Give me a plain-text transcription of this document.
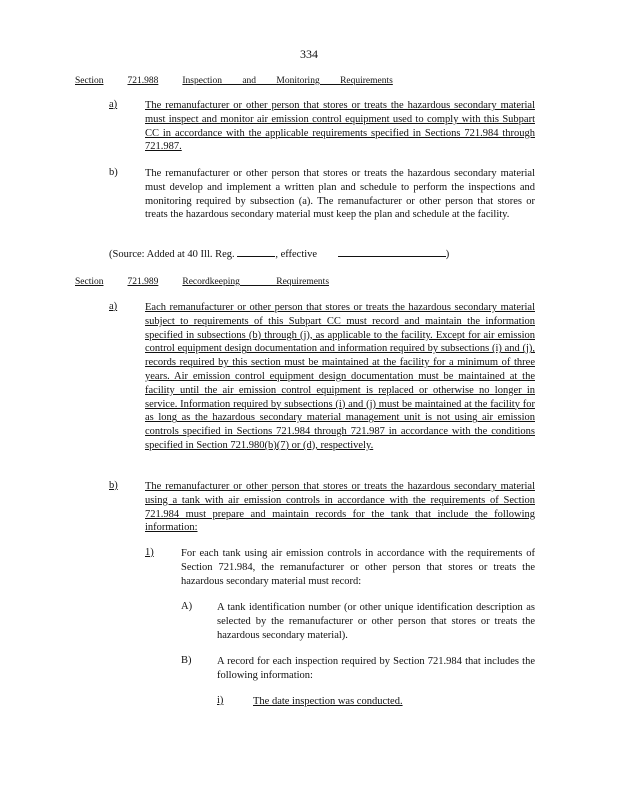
334
Section	721.988	Inspection and Monitoring Requirements
a)	The remanufacturer or other person that stores or treats the hazardous secondary material must inspect and monitor air emission control equipment used to comply with this Subpart CC in accordance with the applicable requirements specified in Sections 721.984 through 721.987.
b)	The remanufacturer or other person that stores or treats the hazardous secondary material must develop and implement a written plan and schedule to perform the inspections and monitoring required by subsection (a). The remanufacturer or other person that stores or treats the hazardous secondary material must keep the plan and schedule at the facility.
(Source: Added at 40 Ill. Reg.	, effective	)
Section	721.989	Recordkeeping Requirements
a)	Each remanufacturer or other person that stores or treats the hazardous secondary material subject to requirements of this Subpart CC must record and maintain the information specified in subsections (b) through (j), as applicable to the facility. Except for air emission control equipment design documentation and information required by subsections (i) and (j), records required by this section must be maintained at the facility for a minimum of three years. Air emission control equipment design documentation must be maintained at the facility until the air emission control equipment is replaced or otherwise no longer in service. Information required by subsections (i) and (j) must be maintained at the facility for as long as the hazardous secondary material management unit is not using air emission controls specified in Sections 721.984 through 721.987 in accordance with the conditions specified in Section 721.980(b)(7) or (d), respectively.
b)	The remanufacturer or other person that stores or treats the hazardous secondary material using a tank with air emission controls in accordance with the requirements of Section 721.984 must prepare and maintain records for the tank that include the following information:
1)	For each tank using air emission controls in accordance with the requirements of Section 721.984, the remanufacturer or other person that stores or treats the hazardous secondary material must record:
A) A tank identification number (or other unique identification description as selected by the remanufacturer or other person that stores or treats the hazardous secondary material).
B) A record for each inspection required by Section 721.984 that includes the following information:
i)	The date inspection was conducted.
